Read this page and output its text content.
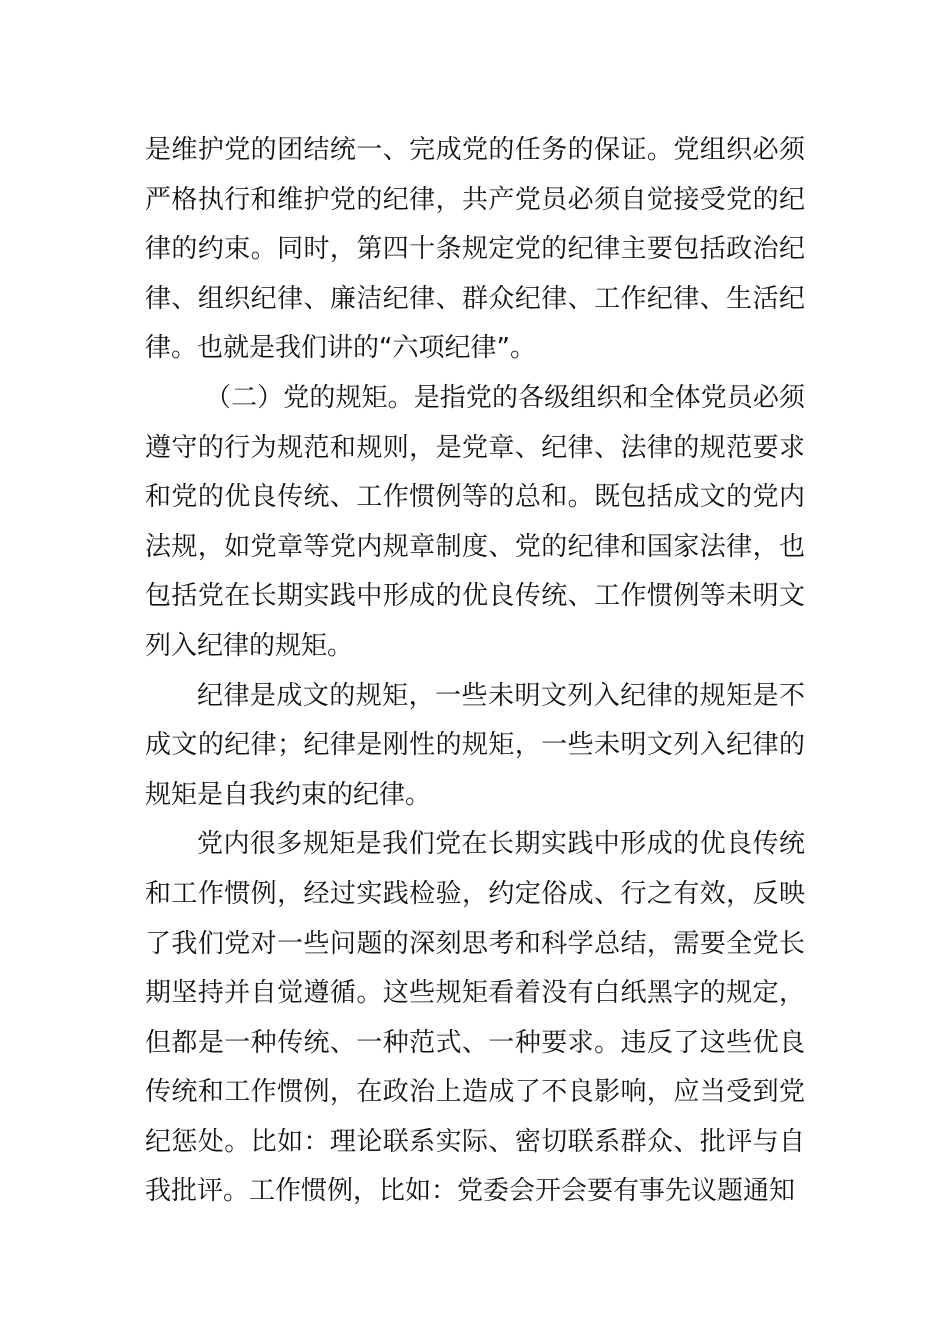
是维护党的团结统一、完成党的任务的保证。党组织必须严格执行和维护党的纪律，共产党员必须自觉接受党的纪律的约束。同时，第四十条规定党的纪律主要包括政治纪律、组织纪律、廉洁纪律、群众纪律、工作纪律、生活纪律。也就是我们讲的“六项纪律”。

（二）党的规矩。是指党的各级组织和全体党员必须遵守的行为规范和规则，是党章、纪律、法律的规范要求和党的优良传统、工作惯例等的总和。既包括成文的党内法规，如党章等党内规章制度、党的纪律和国家法律，也包括党在长期实践中形成的优良传统、工作惯例等未明文列入纪律的规矩。

纪律是成文的规矩，一些未明文列入纪律的规矩是不成文的纪律；纪律是刚性的规矩，一些未明文列入纪律的规矩是自我约束的纪律。

党内很多规矩是我们党在长期实践中形成的优良传统和工作惯例，经过实践检验，约定俗成、行之有效，反映了我们党对一些问题的深刻思考和科学总结，需要全党长期坚持并自觉遵循。这些规矩看着没有白纸黑字的规定，但都是一种传统、一种范式、一种要求。违反了这些优良传统和工作惯例，在政治上造成了不良影响，应当受到党纪惩处。比如：理论联系实际、密切联系群众、批评与自我批评。工作惯例，比如：党委会开会要有事先议题通知
